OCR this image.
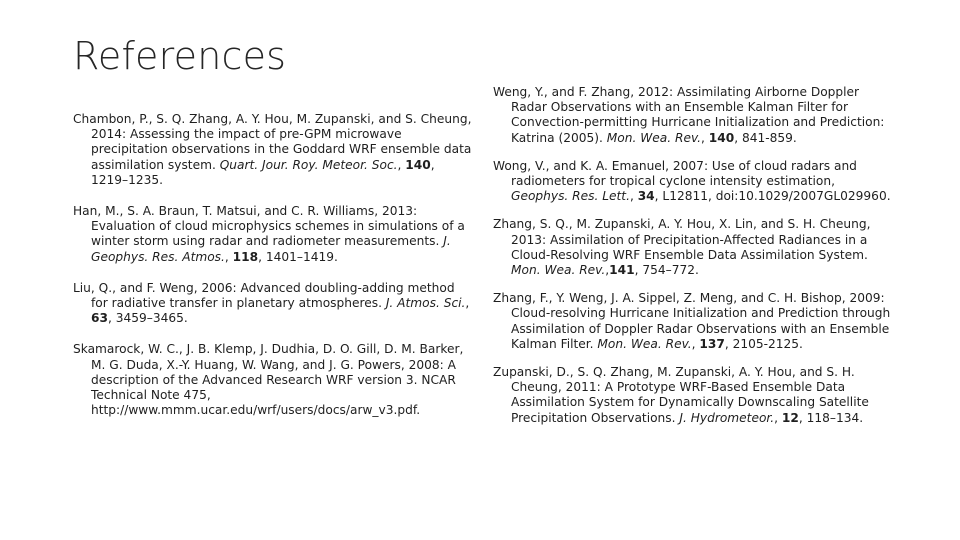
References
Chambon, P., S. Q. Zhang, A. Y. Hou, M. Zupanski, and S. Cheung, 2014: Assessing the impact of pre-GPM microwave precipitation observations in the Goddard WRF ensemble data assimilation system. Quart. Jour. Roy. Meteor. Soc., 140, 1219–1235.
Han, M., S. A. Braun, T. Matsui, and C. R. Williams, 2013: Evaluation of cloud microphysics schemes in simulations of a winter storm using radar and radiometer measurements. J. Geophys. Res. Atmos., 118, 1401–1419.
Liu, Q., and F. Weng, 2006: Advanced doubling-adding method for radiative transfer in planetary atmospheres. J. Atmos. Sci., 63, 3459–3465.
Skamarock, W. C., J. B. Klemp, J. Dudhia, D. O. Gill, D. M. Barker, M. G. Duda, X.-Y. Huang, W. Wang, and J. G. Powers, 2008: A description of the Advanced Research WRF version 3. NCAR Technical Note 475, http://www.mmm.ucar.edu/wrf/users/docs/arw_v3.pdf.
Weng, Y., and F. Zhang, 2012: Assimilating Airborne Doppler Radar Observations with an Ensemble Kalman Filter for Convection-permitting Hurricane Initialization and Prediction: Katrina (2005). Mon. Wea. Rev., 140, 841-859.
Wong, V., and K. A. Emanuel, 2007: Use of cloud radars and radiometers for tropical cyclone intensity estimation, Geophys. Res. Lett., 34, L12811, doi:10.1029/2007GL029960.
Zhang, S. Q., M. Zupanski, A. Y. Hou, X. Lin, and S. H. Cheung, 2013: Assimilation of Precipitation-Affected Radiances in a Cloud-Resolving WRF Ensemble Data Assimilation System. Mon. Wea. Rev.,141, 754–772.
Zhang, F., Y. Weng, J. A. Sippel, Z. Meng, and C. H. Bishop, 2009: Cloud-resolving Hurricane Initialization and Prediction through Assimilation of Doppler Radar Observations with an Ensemble Kalman Filter. Mon. Wea. Rev., 137, 2105-2125.
Zupanski, D., S. Q. Zhang, M. Zupanski, A. Y. Hou, and S. H. Cheung, 2011: A Prototype WRF-Based Ensemble Data Assimilation System for Dynamically Downscaling Satellite Precipitation Observations. J. Hydrometeor., 12, 118–134.
